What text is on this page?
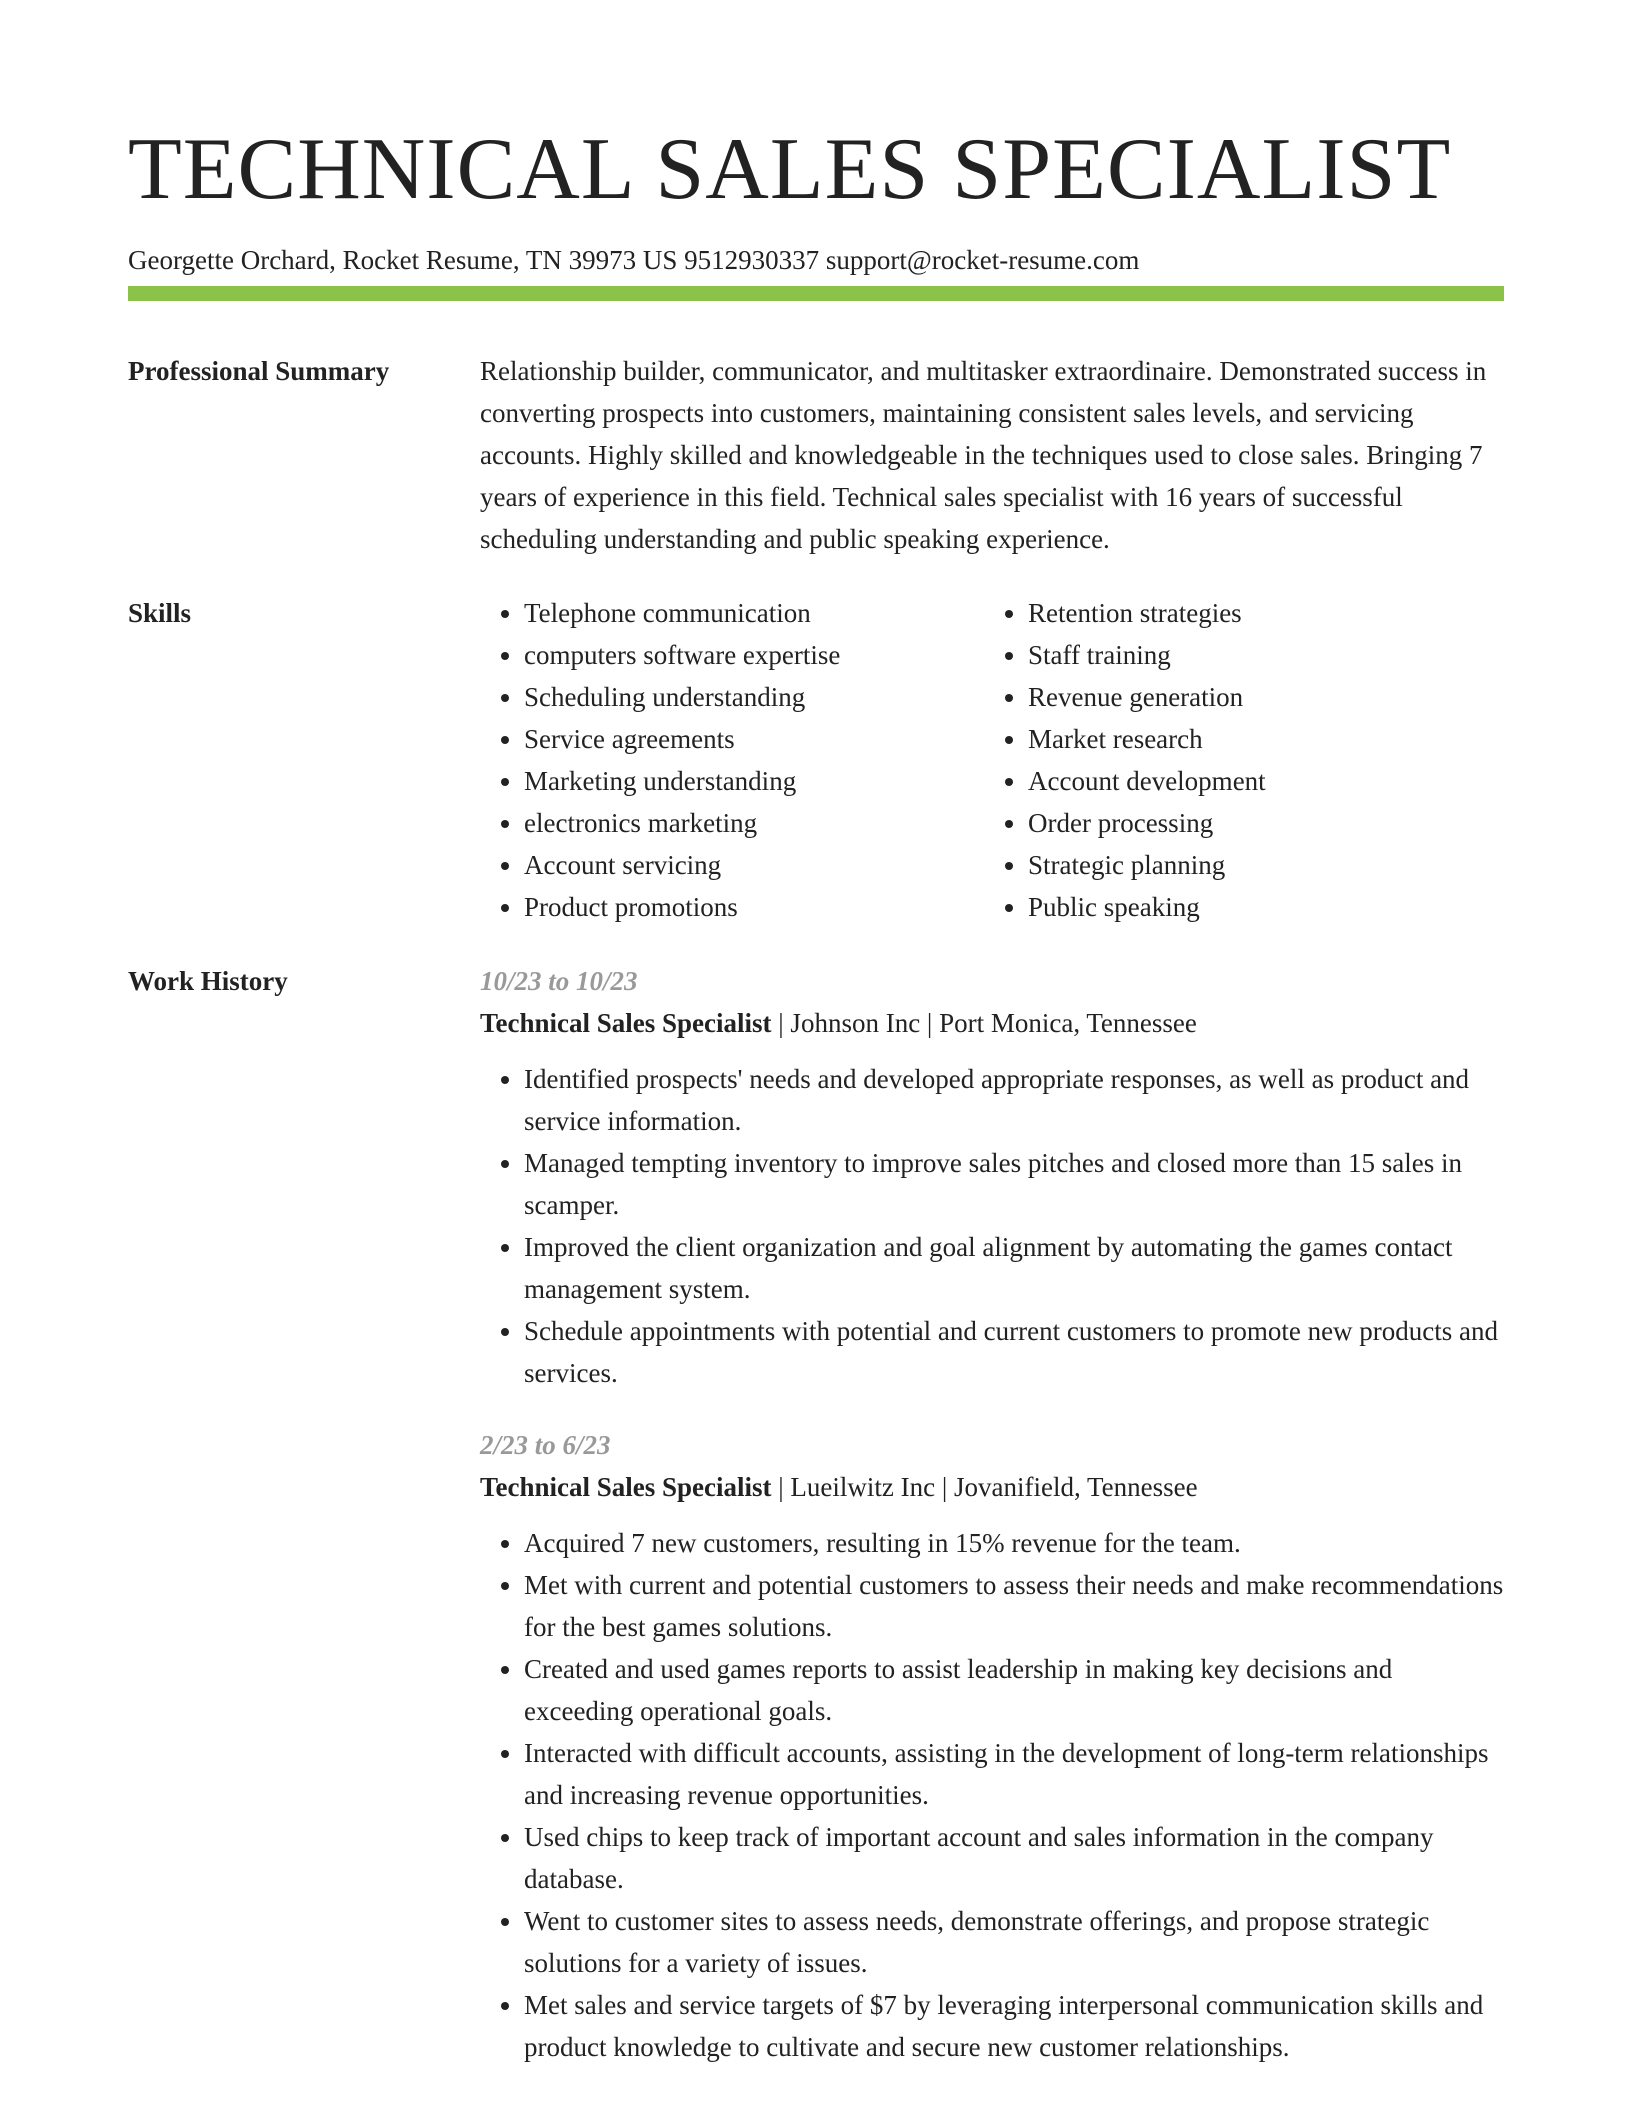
TECHNICAL SALES SPECIALIST
Georgette Orchard, Rocket Resume, TN 39973 US 9512930337 support@rocket-resume.com
Professional Summary	Relationship builder, communicator, and multitasker extraordinaire. Demonstrated success in converting prospects into customers, maintaining consistent sales levels, and servicing accounts. Highly skilled and knowledgeable in the techniques used to close sales. Bringing 7 years of experience in this field. Technical sales specialist with 16 years of successful scheduling understanding and public speaking experience.
Skills
•	Telephone communication
• computers software expertise
• Scheduling understanding
• Service agreements
• Marketing understanding
• electronics marketing
• Account servicing
• Product promotions
• Retention strategies
• Staff training
• Revenue generation
• Market research
• Account development
• Order processing
• Strategic planning
• Public speaking
Work History	10/23 to 10/23
Technical Sales Specialist | Johnson Inc | Port Monica, Tennessee
• Identified prospects' needs and developed appropriate responses, as well as product and service information.
• Managed tempting inventory to improve sales pitches and closed more than 15 sales in scamper.
• Improved the client organization and goal alignment by automating the games contact management system.
• Schedule appointments with potential and current customers to promote new products and services.
2/23 to 6/23
Technical Sales Specialist | Lueilwitz Inc | Jovanifield, Tennessee
• Acquired 7 new customers, resulting in 15% revenue for the team.
• Met with current and potential customers to assess their needs and make recommendations for the best games solutions.
• Created and used games reports to assist leadership in making key decisions and exceeding operational goals.
• Interacted with difficult accounts, assisting in the development of long-term relationships and increasing revenue opportunities.
• Used chips to keep track of important account and sales information in the company database.
• Went to customer sites to assess needs, demonstrate offerings, and propose strategic solutions for a variety of issues.
• Met sales and service targets of $7 by leveraging interpersonal communication skills and product knowledge to cultivate and secure new customer relationships.
